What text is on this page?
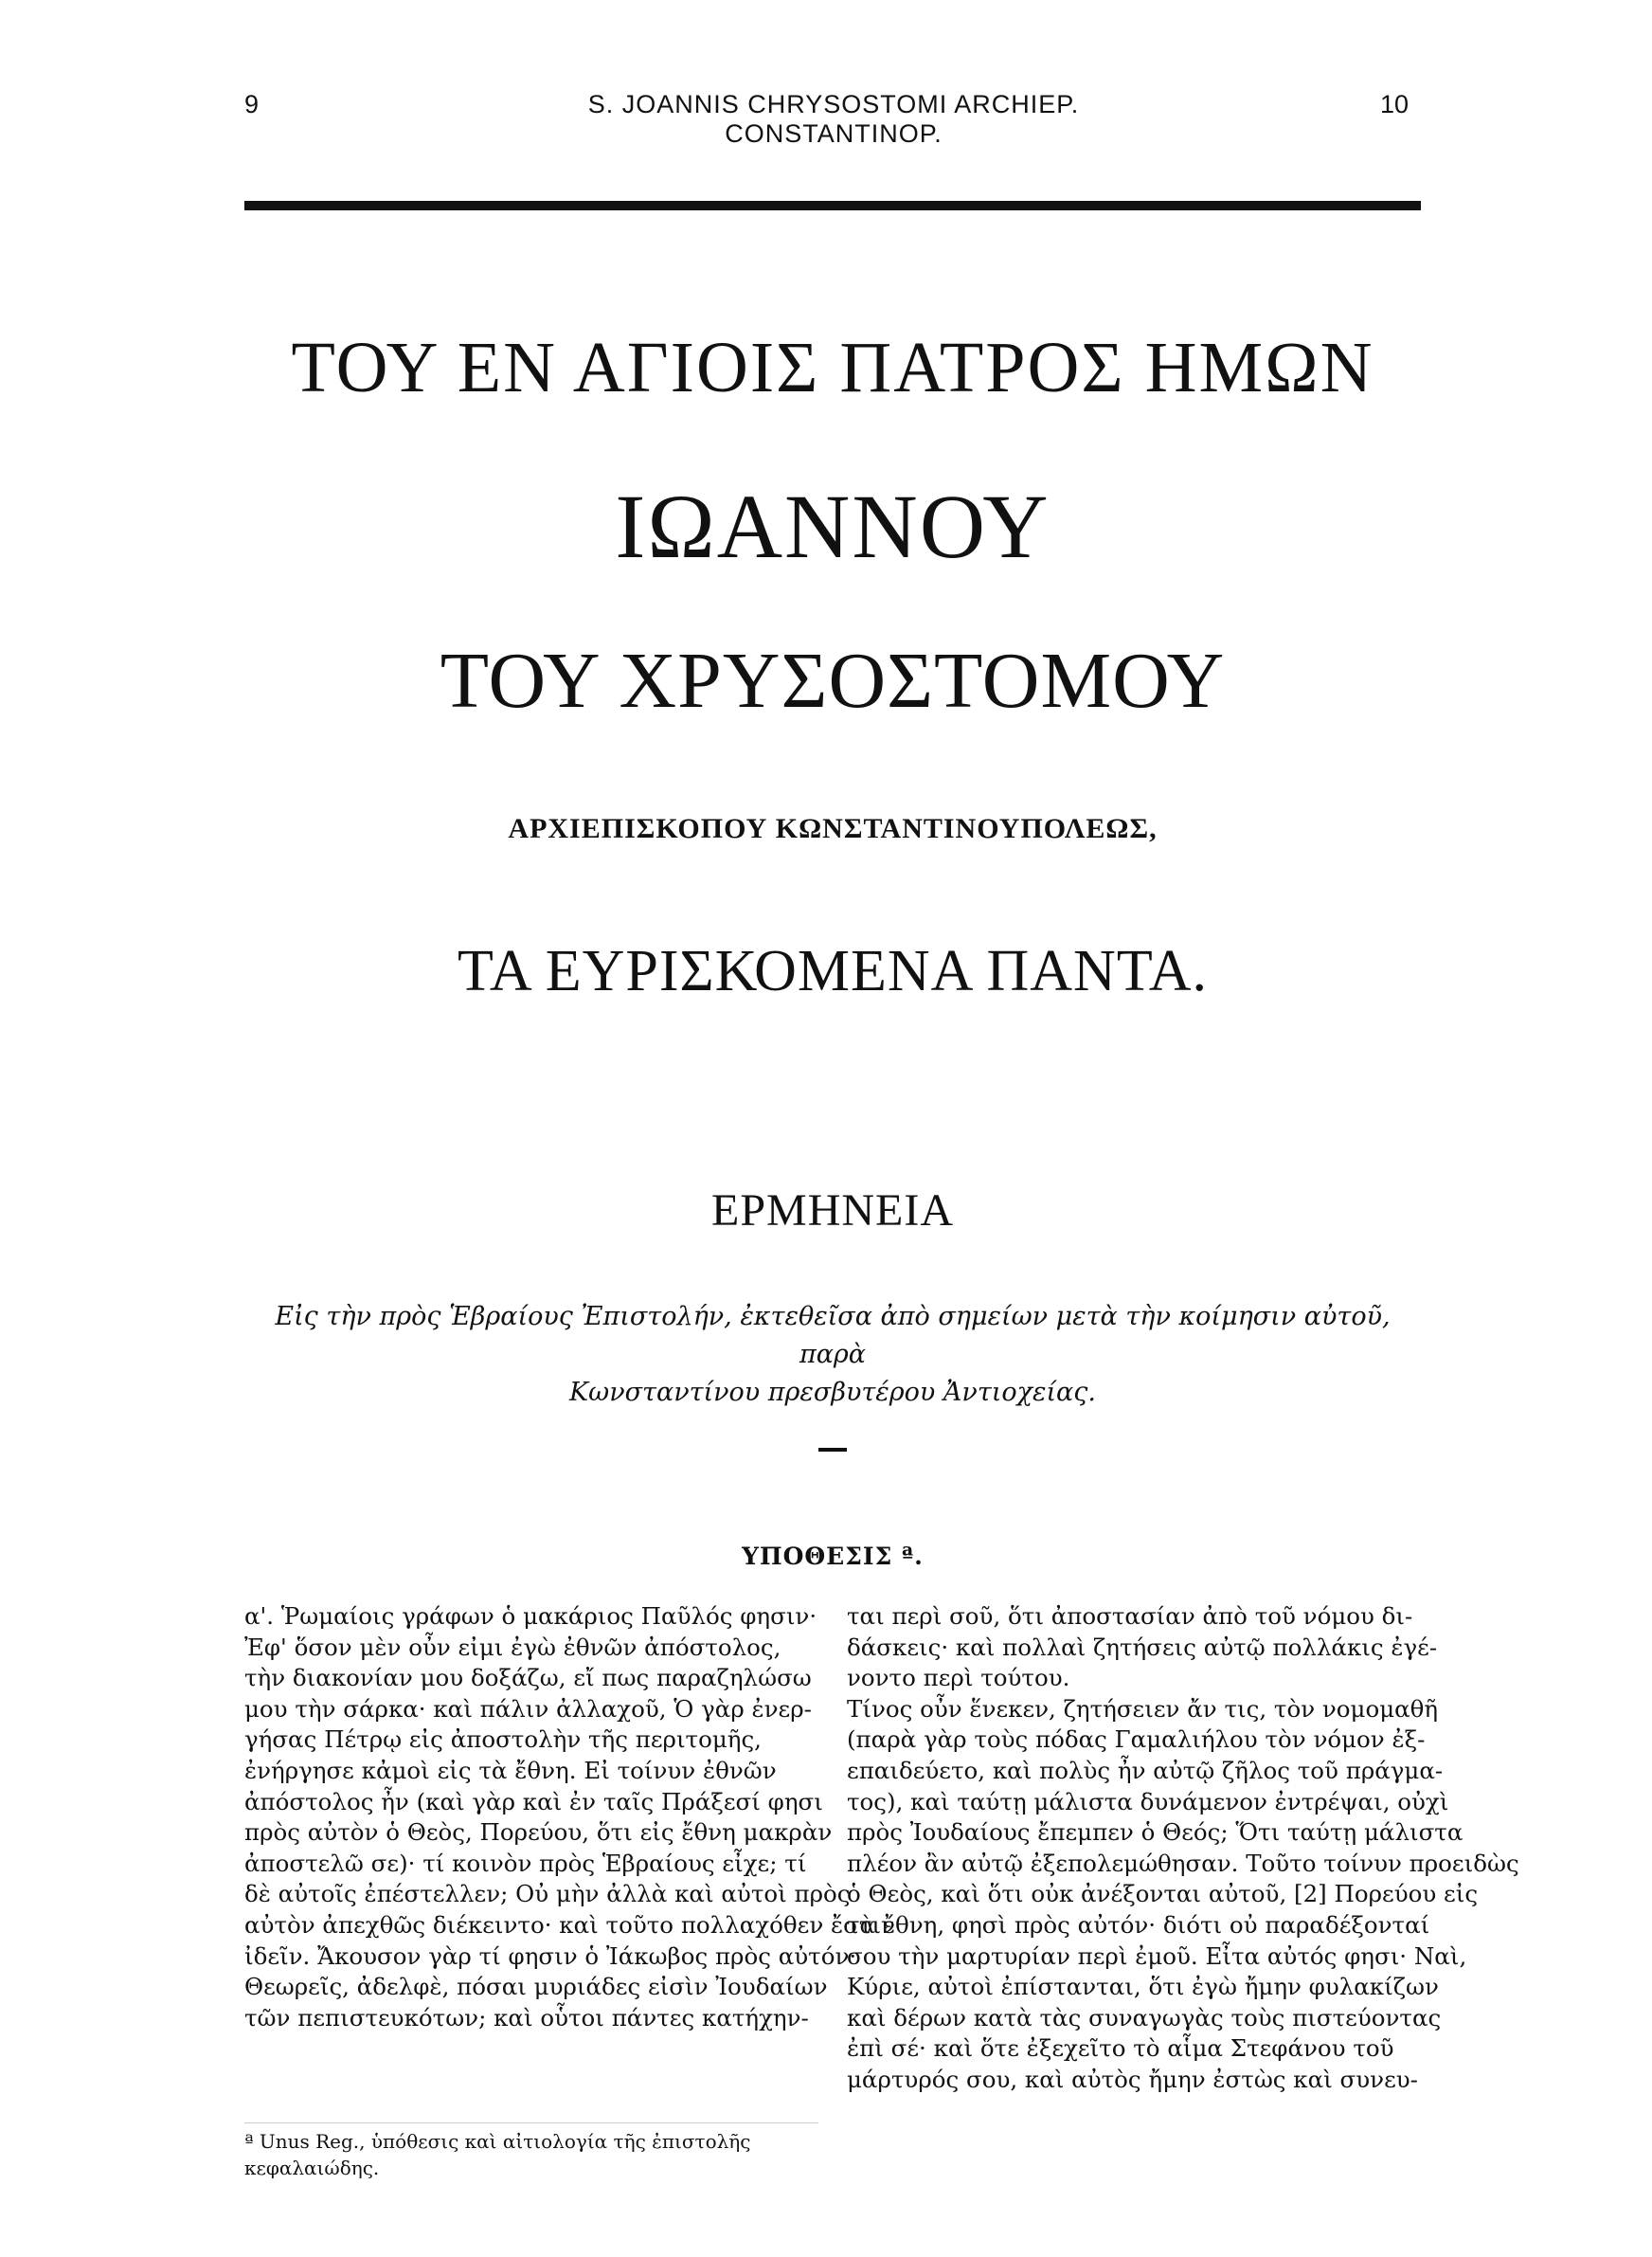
9	S. JOANNIS CHRYSOSTOMI ARCHIEP. CONSTANTINOP.
10
ΤΟΥ ΕΝ ΑΓΙΟΙΣ ΠΑΤΡΟΣ ΗΜΩΝ
ΙΩΑΝΝΟΥ
ΤΟΥ ΧΡΥΣΟΣΤΟΜΟΥ
ΑΡΧΙΕΠΙΣΚΟΠΟΥ ΚΩΝΣΤΑΝΤΙΝΟΥΠΟΛΕΩΣ,
ΤΑ ΕΥΡΙΣΚΟΜΕΝΑ ΠΑΝΤΑ.
ΕΡΜΗΝΕΙΑ
Εἰς τὴν πρὸς Ἑβραίους Ἐπιστολήν, ἐκτεθεῖσα ἀπὸ σημείων μετὰ τὴν κοίμησιν αὐτοῦ, παρὰ
Κωνσταντίνου πρεσβυτέρου Ἀντιοχείας.
ΥΠΟΘΕΣΙΣ ª.
α'. Ῥωμαίοις γράφων ὁ μακάριος Παῦλός φησιν·
Ἐφ' ὅσον μὲν οὖν εἰμι ἐγὼ ἐθνῶν ἀπόστολος,
τὴν διακονίαν μου δοξάζω, εἴ πως παραζηλώσω
μου τὴν σάρκα· καὶ πάλιν ἀλλαχοῦ, Ὁ γὰρ ἐνερ-
γήσας Πέτρῳ εἰς ἀποστολὴν τῆς περιτομῆς,
ἐνήργησε κἀμοὶ εἰς τὰ ἔθνη. Εἰ τοίνυν ἐθνῶν
ἀπόστολος ἦν (καὶ γὰρ καὶ ἐν ταῖς Πράξεσί φησι
πρὸς αὐτὸν ὁ Θεὸς, Πορεύου, ὅτι εἰς ἔθνη μακρὰν
ἀποστελῶ σε)· τί κοινὸν πρὸς Ἑβραίους εἶχε; τί
δὲ αὐτοῖς ἐπέστελλεν; Οὐ μὴν ἀλλὰ καὶ αὐτοὶ πρὸς
αὐτὸν ἀπεχθῶς διέκειντο· καὶ τοῦτο πολλαχόθεν ἔστιν
ἰδεῖν. Ἄκουσον γὰρ τί φησιν ὁ Ἰάκωβος πρὸς αὐτόν·
Θεωρεῖς, ἀδελφὲ, πόσαι μυριάδες εἰσὶν Ἰουδαίων
τῶν πεπιστευκότων; καὶ οὗτοι πάντες κατήχην-
ται περὶ σοῦ, ὅτι ἀποστασίαν ἀπὸ τοῦ νόμου δι-
δάσκεις· καὶ πολλαὶ ζητήσεις αὐτῷ πολλάκις ἐγέ-
νοντο περὶ τούτου.
Τίνος οὖν ἕνεκεν, ζητήσειεν ἄν τις, τὸν νομομαθῆ
(παρὰ γὰρ τοὺς πόδας Γαμαλιήλου τὸν νόμον ἐξ-
επαιδεύετο, καὶ πολὺς ἦν αὐτῷ ζῆλος τοῦ πράγμα-
τος), καὶ ταύτῃ μάλιστα δυνάμενον ἐντρέψαι, οὐχὶ
πρὸς Ἰουδαίους ἔπεμπεν ὁ Θεός; Ὅτι ταύτῃ μάλιστα
πλέον ἂν αὐτῷ ἐξεπολεμώθησαν. Τοῦτο τοίνυν προειδὼς
ὁ Θεὸς, καὶ ὅτι οὐκ ἀνέξονται αὐτοῦ, [2] Πορεύου εἰς
τὰ ἔθνη, φησὶ πρὸς αὐτόν· διότι οὐ παραδέξονταί
σου τὴν μαρτυρίαν περὶ ἐμοῦ. Εἶτα αὐτός φησι· Ναὶ,
Κύριε, αὐτοὶ ἐπίστανται, ὅτι ἐγὼ ἤμην φυλακίζων
καὶ δέρων κατὰ τὰς συναγωγὰς τοὺς πιστεύοντας
ἐπὶ σέ· καὶ ὅτε ἐξεχεῖτο τὸ αἷμα Στεφάνου τοῦ
μάρτυρός σου, καὶ αὐτὸς ἤμην ἐστὼς καὶ συνευ-
ª Unus Reg., ὑπόθεσις καὶ αἰτιολογία τῆς ἐπιστολῆς
κεφαλαιώδης.
